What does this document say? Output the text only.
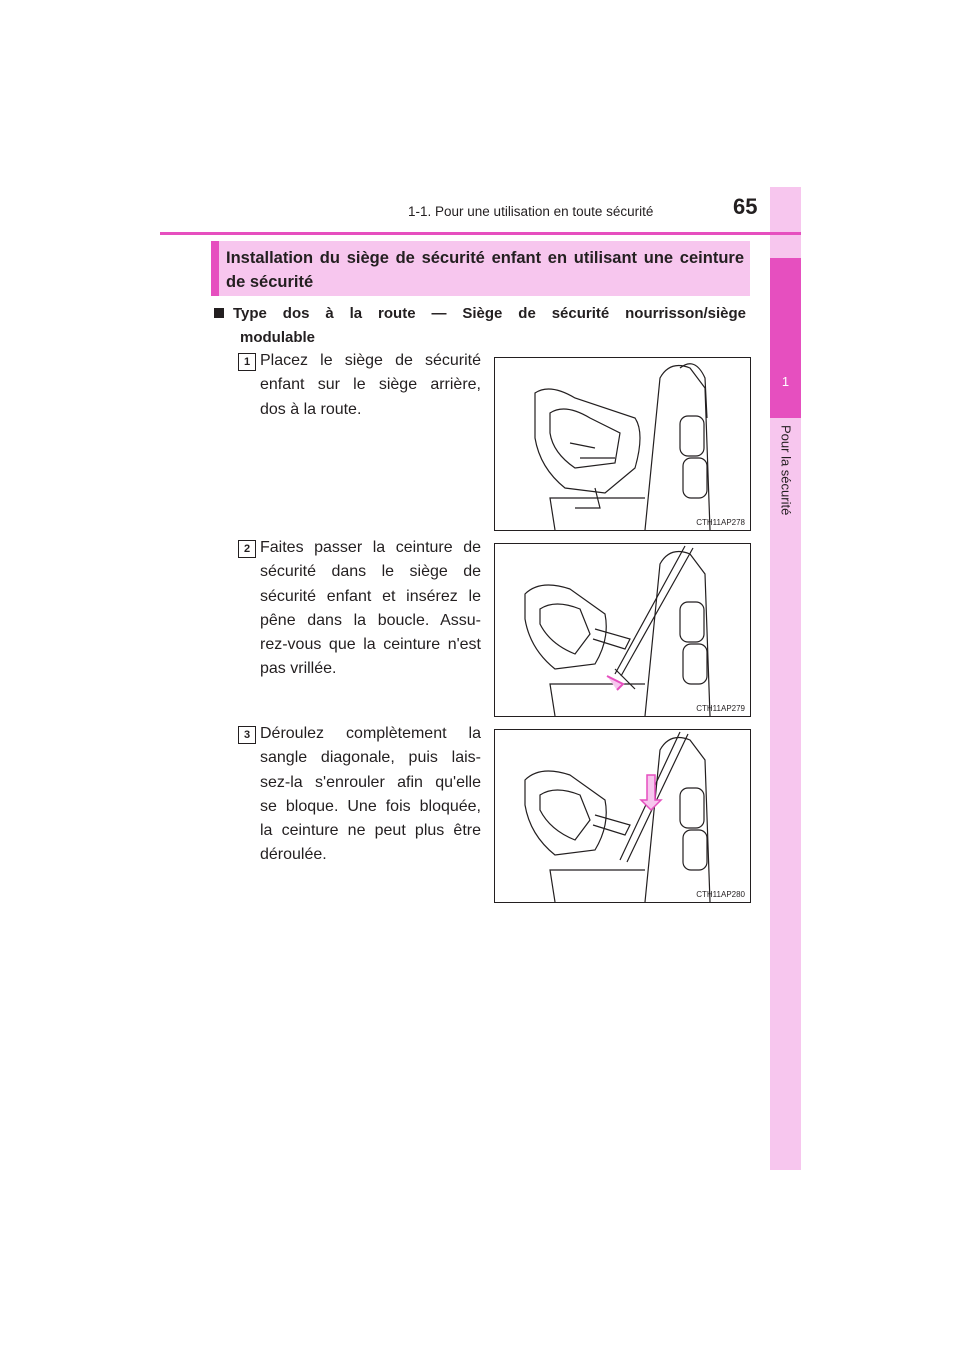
1
Pour la sécurité
1-1. Pour une utilisation en toute sécurité	65
Installation du siège de sécurité enfant en utilisant une ceinture
de sécurité
Type dos à la route — Siège de sécurité nourrisson/siège
modulable
1 Placez le siège de sécurité
enfant sur le siège arrière,
dos à la route.
CTH11AP278
2 Faites passer la ceinture de
sécurité dans le siège de
sécurité enfant et insérez le
pêne dans la boucle. Assu-
rez-vous que la ceinture n'est
pas vrillée.
CTH11AP279
3 Déroulez complètement la
sangle diagonale, puis lais-
sez-la s'enrouler afin qu'elle
se bloque. Une fois bloquée,
la ceinture ne peut plus être
déroulée.
CTH11AP280
